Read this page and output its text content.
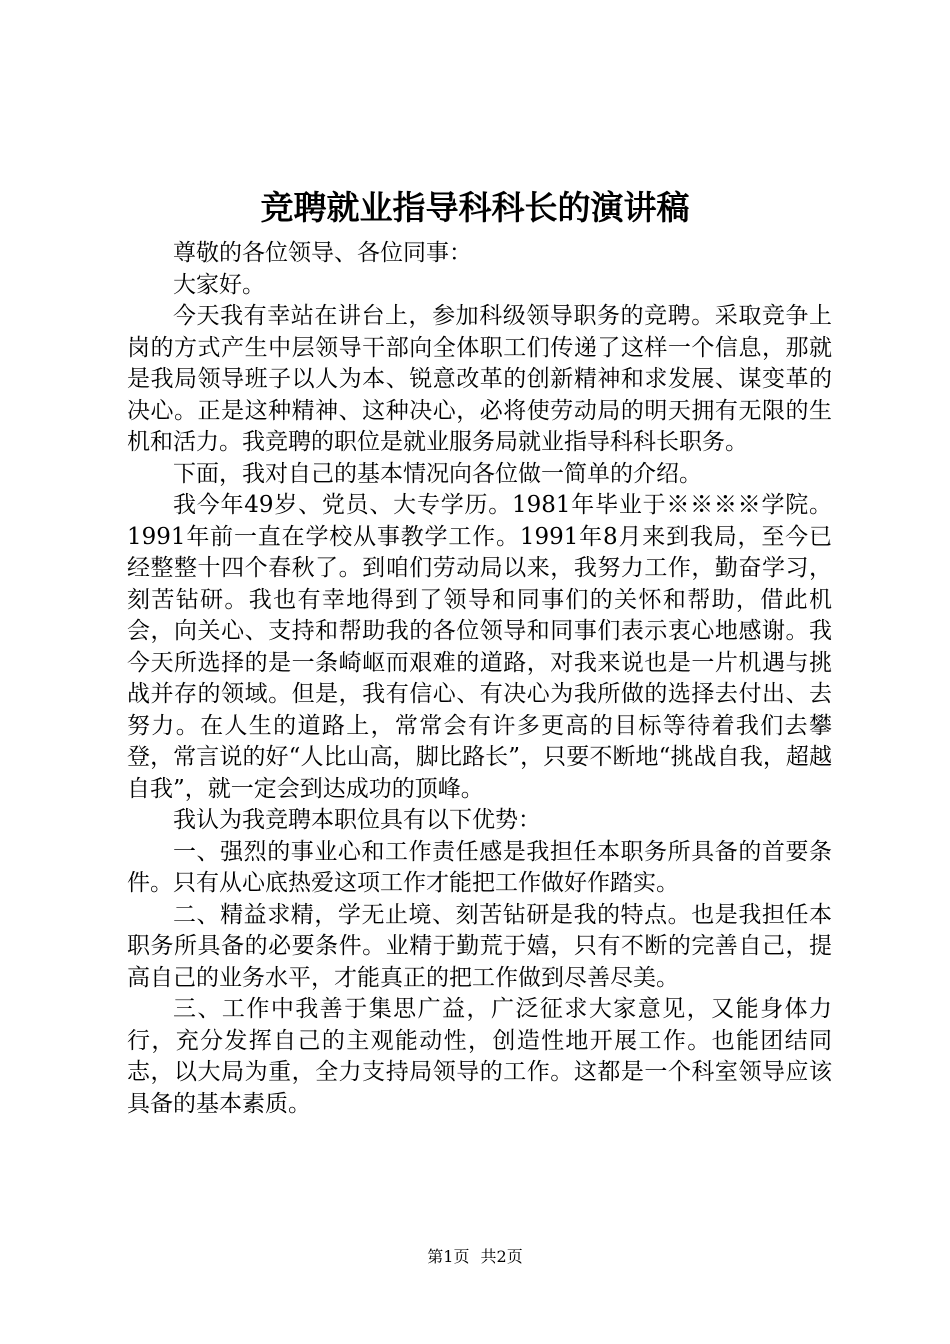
竞聘就业指导科科长的演讲稿

尊敬的各位领导、各位同事：

大家好。

今天我有幸站在讲台上，参加科级领导职务的竞聘。采取竞争上岗的方式产生中层领导干部向全体职工们传递了这样一个信息，那就是我局领导班子以人为本、锐意改革的创新精神和求发展、谋变革的决心。正是这种精神、这种决心，必将使劳动局的明天拥有无限的生机和活力。我竞聘的职位是就业服务局就业指导科科长职务。

下面，我对自己的基本情况向各位做一简单的介绍。

我今年49岁、党员、大专学历。1981年毕业于※※※※学院。1991年前一直在学校从事教学工作。1991年8月来到我局，至今已经整整十四个春秋了。到咱们劳动局以来，我努力工作，勤奋学习，刻苦钻研。我也有幸地得到了领导和同事们的关怀和帮助，借此机会，向关心、支持和帮助我的各位领导和同事们表示衷心地感谢。我今天所选择的是一条崎岖而艰难的道路，对我来说也是一片机遇与挑战并存的领域。但是，我有信心、有决心为我所做的选择去付出、去努力。在人生的道路上，常常会有许多更高的目标等待着我们去攀登，常言说的好“人比山高，脚比路长”，只要不断地“挑战自我，超越自我”，就一定会到达成功的顶峰。

我认为我竞聘本职位具有以下优势：

一、强烈的事业心和工作责任感是我担任本职务所具备的首要条件。只有从心底热爱这项工作才能把工作做好作踏实。

二、精益求精，学无止境、刻苦钻研是我的特点。也是我担任本职务所具备的必要条件。业精于勤荒于嬉，只有不断的完善自己，提高自己的业务水平，才能真正的把工作做到尽善尽美。

三、工作中我善于集思广益，广泛征求大家意见，又能身体力行，充分发挥自己的主观能动性，创造性地开展工作。也能团结同志，以大局为重，全力支持局领导的工作。这都是一个科室领导应该具备的基本素质。

第1页 共2页
